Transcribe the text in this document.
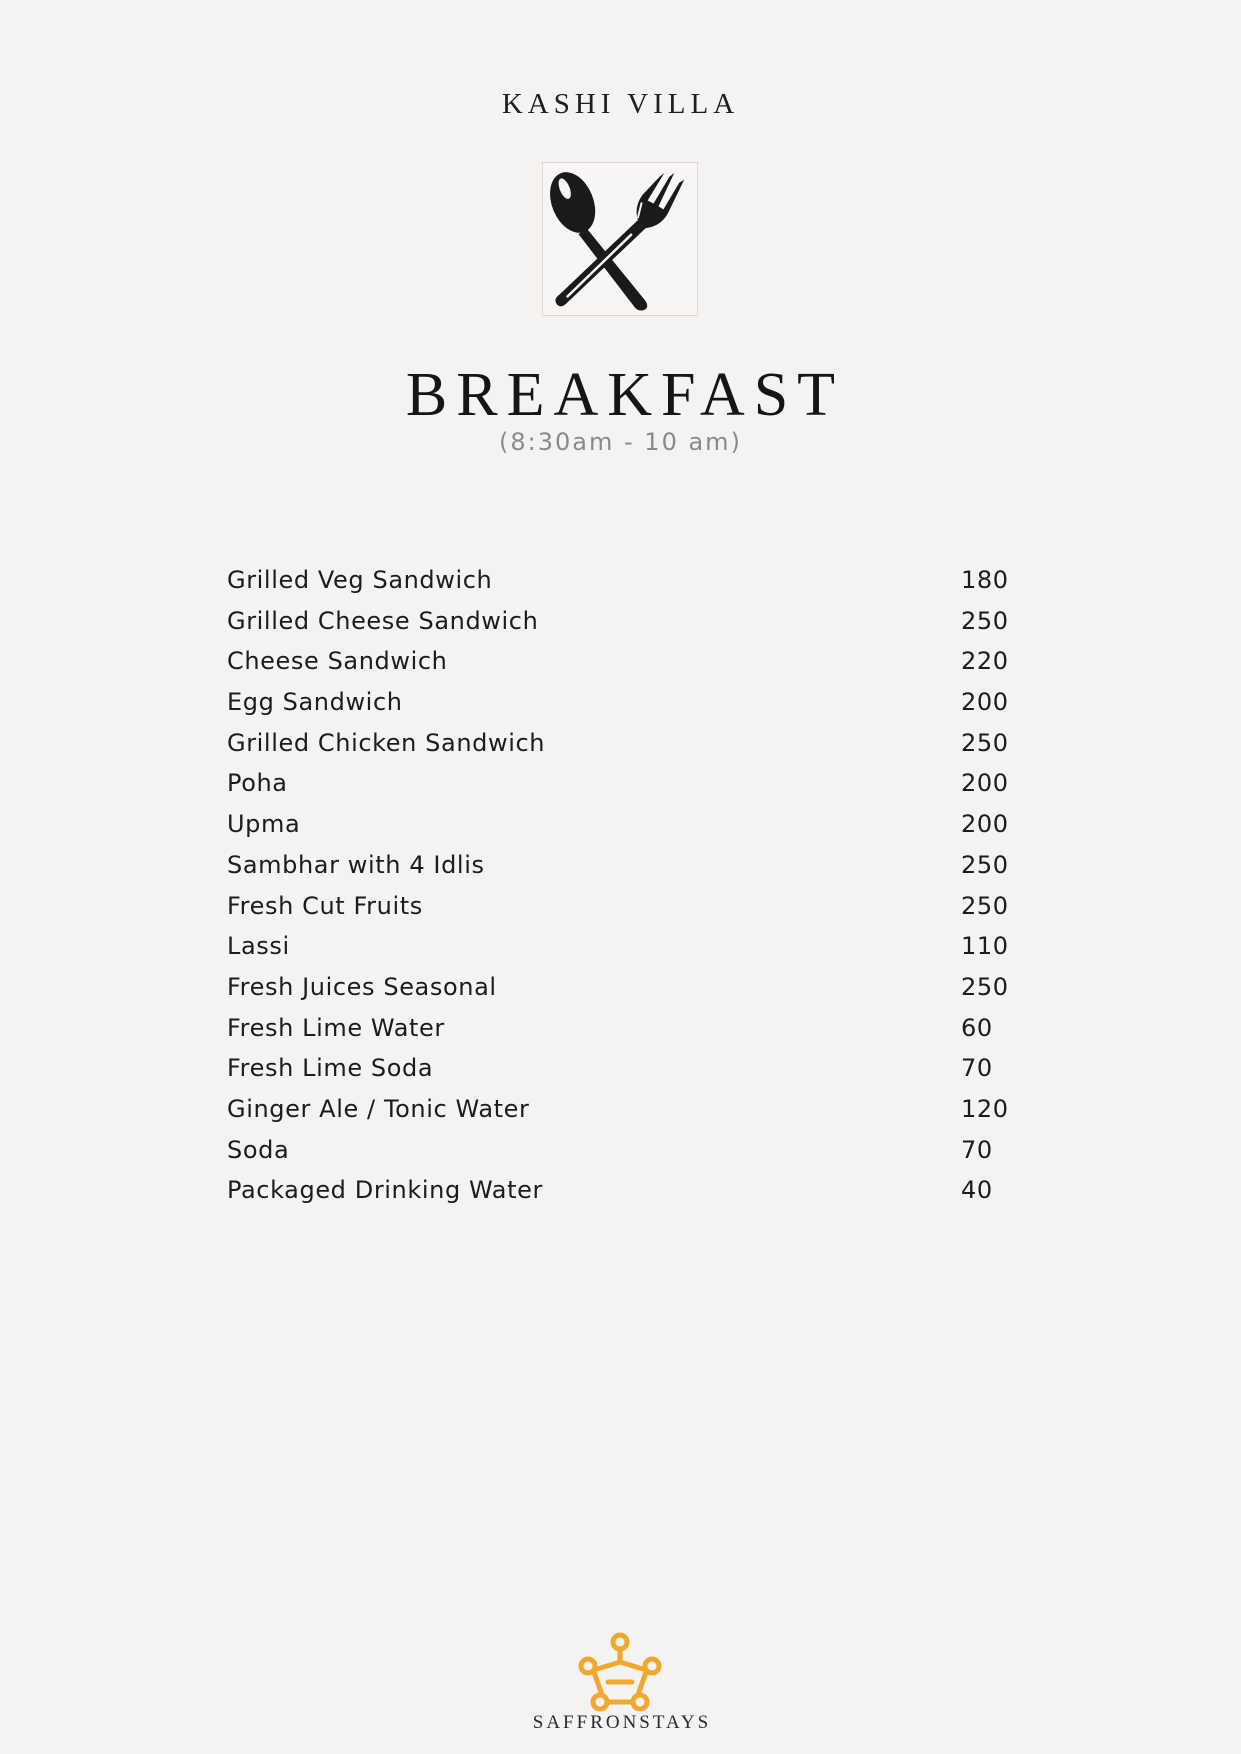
KASHI VILLA
BREAKFAST
(8:30am - 10 am)
Grilled Veg Sandwich	180
Grilled Cheese Sandwich	250
Cheese Sandwich	220
Egg Sandwich	200
Grilled Chicken Sandwich	250
Poha	200
Upma	200
Sambhar with 4 Idlis	250
Fresh Cut Fruits	250
Lassi	110
Fresh Juices Seasonal	250
Fresh Lime Water	60
Fresh Lime Soda	70
Ginger Ale / Tonic Water	120
Soda	70
Packaged Drinking Water	40
SAFFRONSTAYS
